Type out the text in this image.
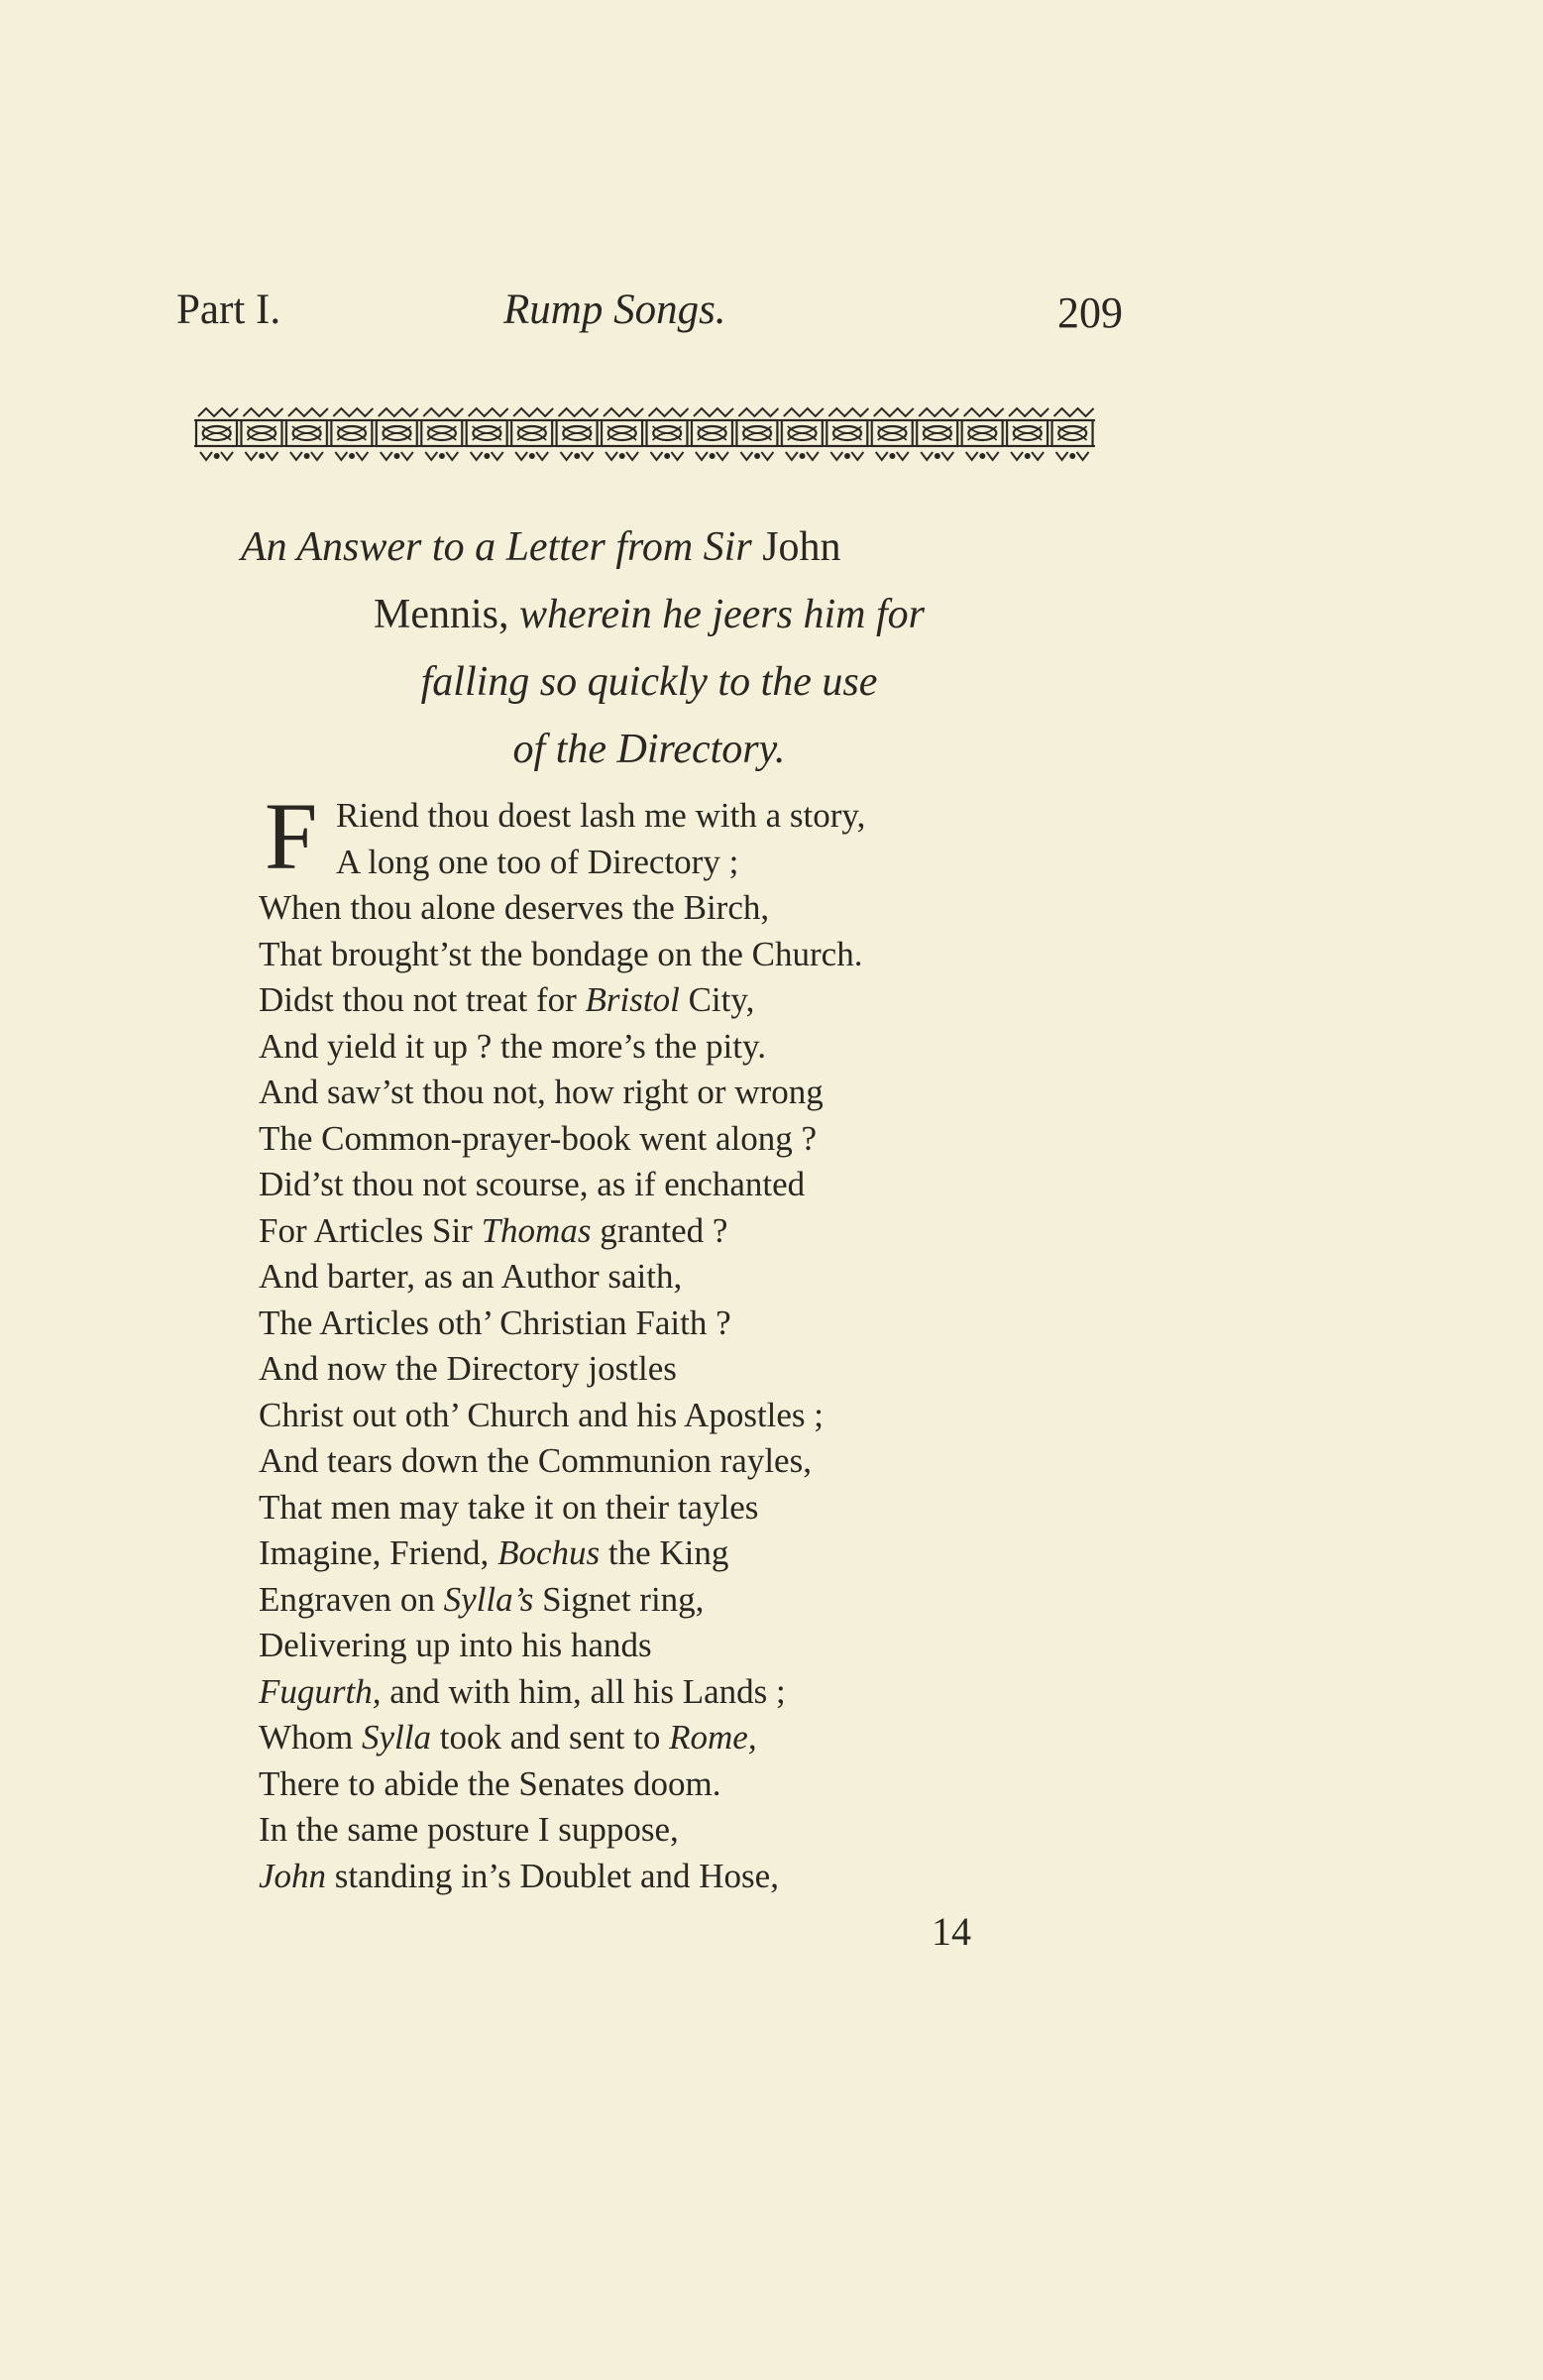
Part I.	Rump Songs.	209
An Answer to a Letter from Sir John
Mennis, wherein he jeers him for
falling so quickly to the use
of the Directory.
F Riend thou doest lash me with a story,
A long one too of Directory ;
When thou alone deserves the Birch,
That brought’st the bondage on the Church.
Didst thou not treat for Bristol City,
And yield it up ? the more’s the pity.
And saw’st thou not, how right or wrong
The Common-prayer-book went along ?
Did’st thou not scourse, as if enchanted
For Articles Sir Thomas granted ?
And barter, as an Author saith,
The Articles oth’ Christian Faith ?
And now the Directory jostles
Christ out oth’ Church and his Apostles ;
And tears down the Communion rayles,
That men may take it on their tayles
Imagine, Friend, Bochus the King
Engraven on Sylla’s Signet ring,
Delivering up into his hands
Fugurth, and with him, all his Lands ;
Whom Sylla took and sent to Rome,
There to abide the Senates doom.
In the same posture I suppose,
John standing in’s Doublet and Hose,
14
